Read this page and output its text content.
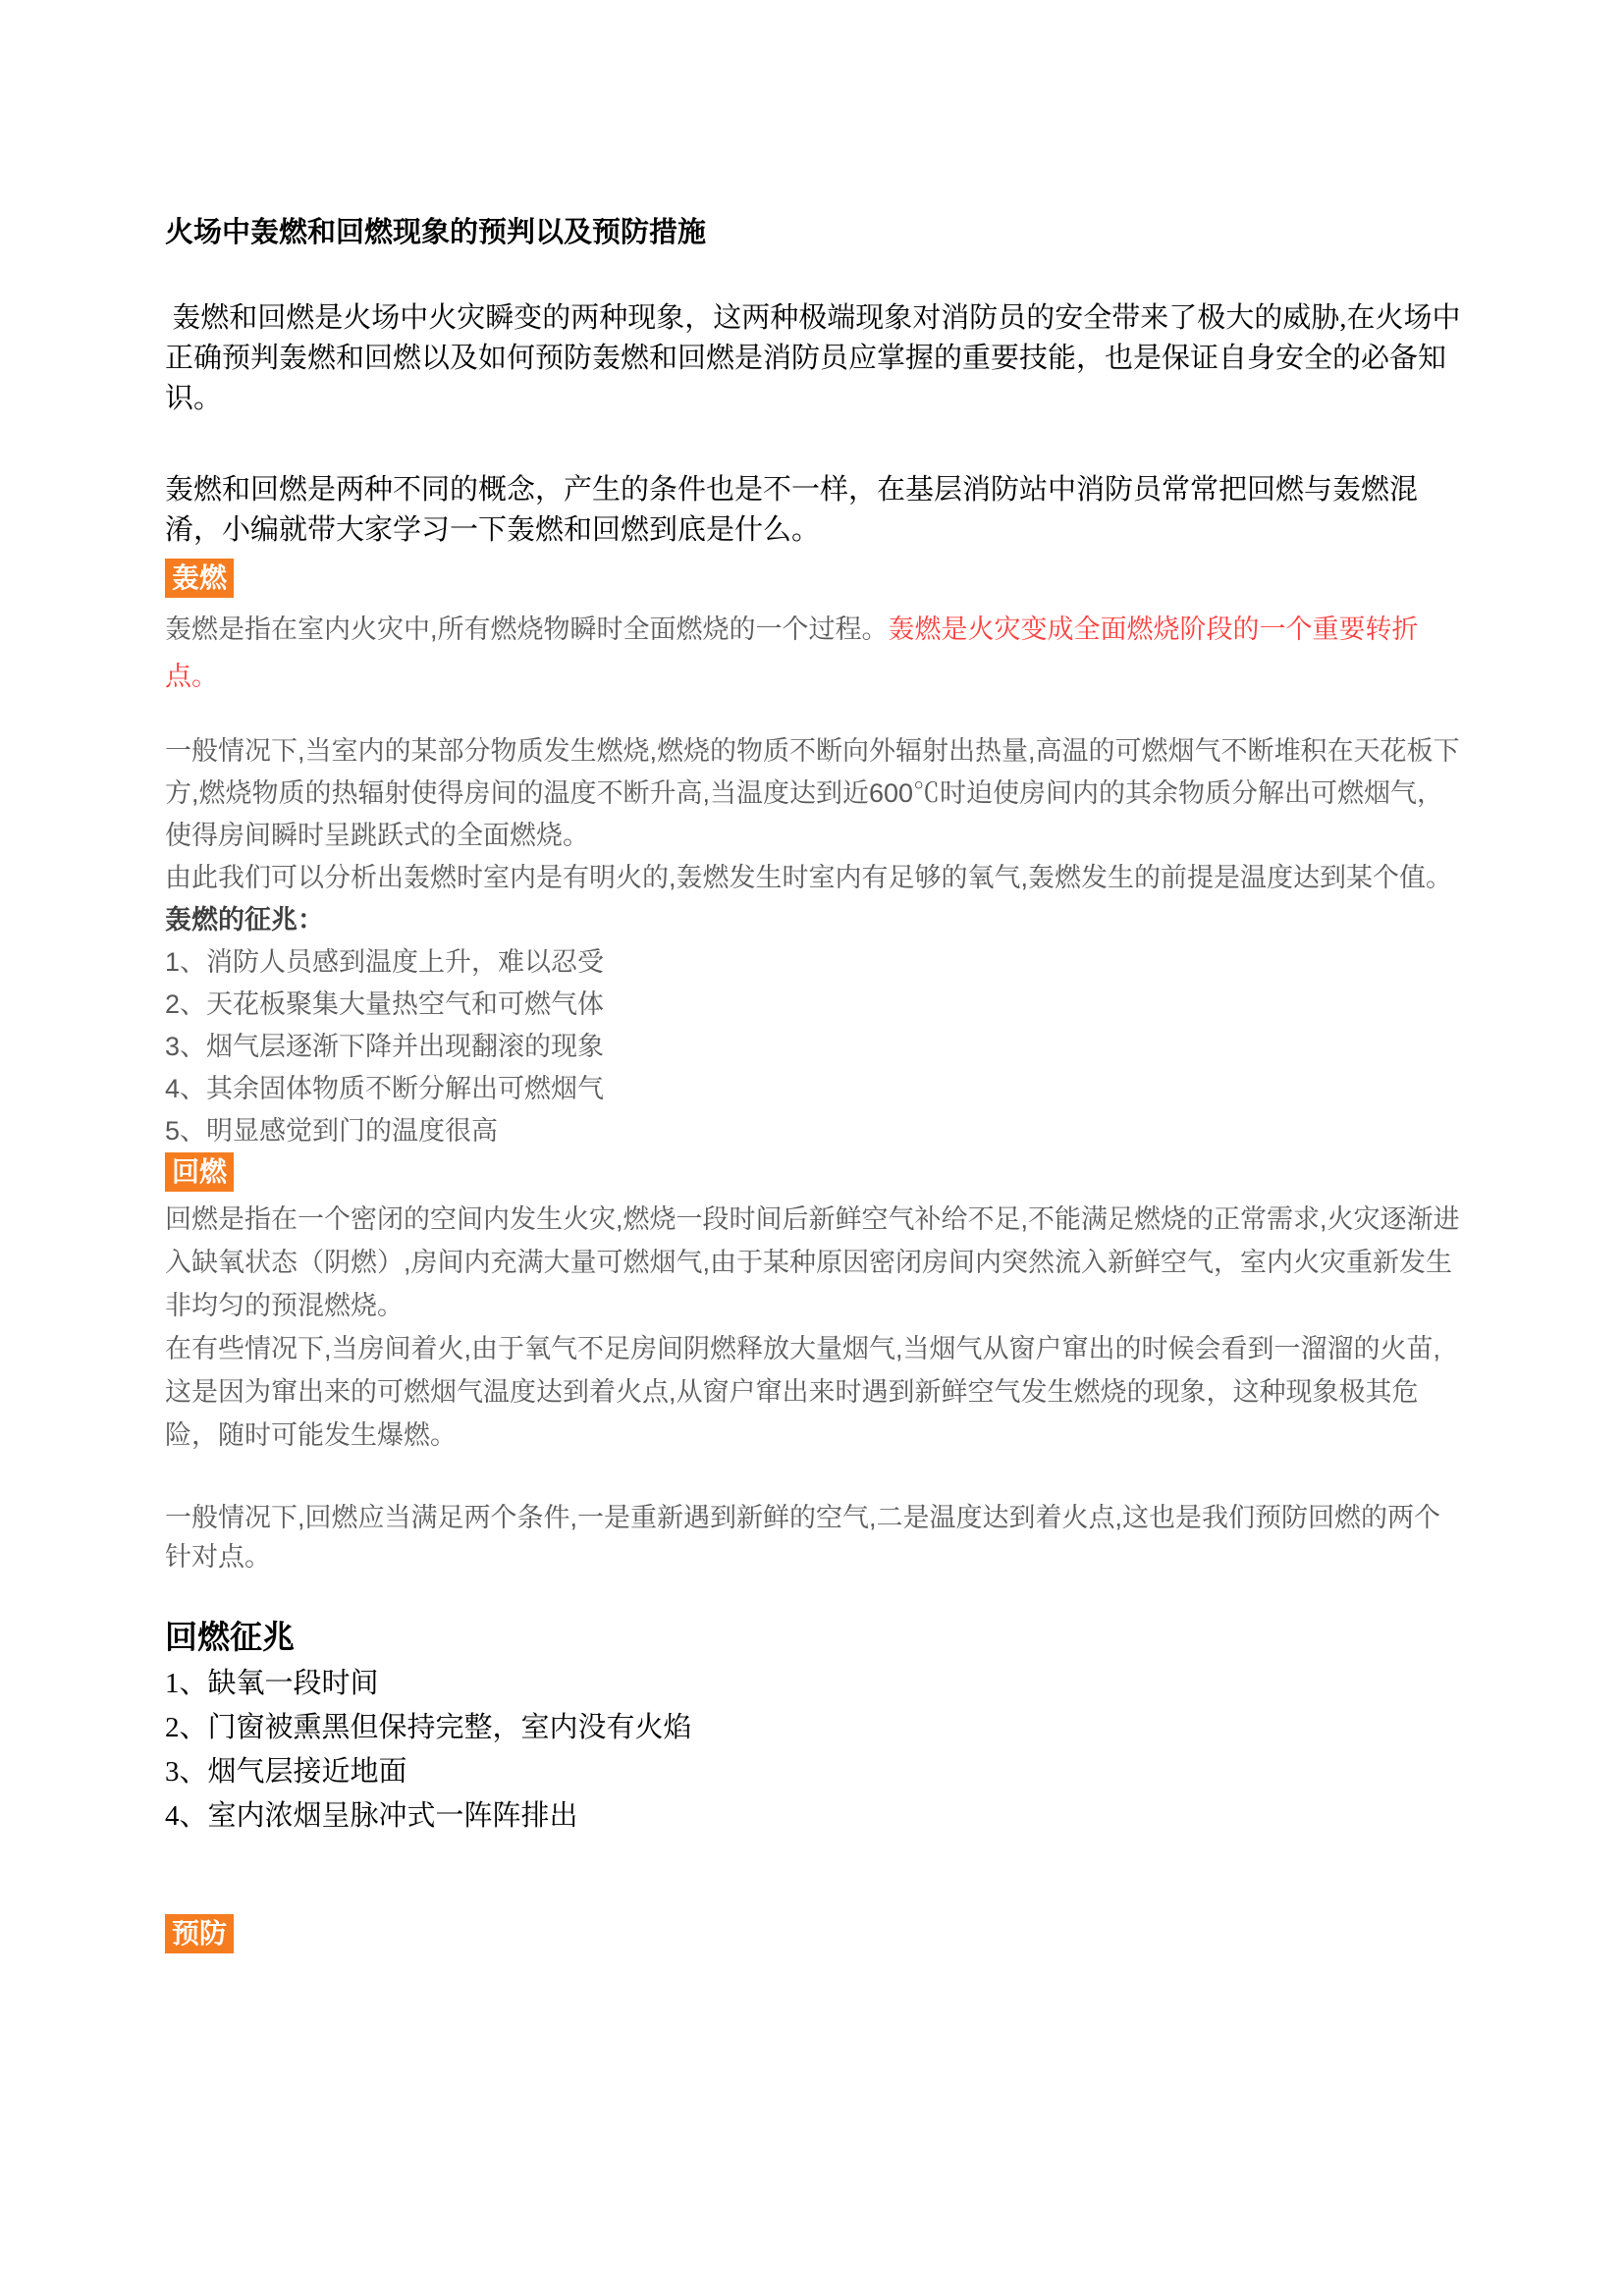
火场中轰燃和回燃现象的预判以及预防措施
轰燃和回燃是火场中火灾瞬变的两种现象，这两种极端现象对消防员的安全带来了极大的威胁,在火场中正确预判轰燃和回燃以及如何预防轰燃和回燃是消防员应掌握的重要技能，也是保证自身安全的必备知识。
轰燃和回燃是两种不同的概念，产生的条件也是不一样，在基层消防站中消防员常常把回燃与轰燃混淆，小编就带大家学习一下轰燃和回燃到底是什么。
轰燃
轰燃是指在室内火灾中,所有燃烧物瞬时全面燃烧的一个过程。轰燃是火灾变成全面燃烧阶段的一个重要转折点。
一般情况下,当室内的某部分物质发生燃烧,燃烧的物质不断向外辐射出热量,高温的可燃烟气不断堆积在天花板下方,燃烧物质的热辐射使得房间的温度不断升高,当温度达到近600℃时迫使房间内的其余物质分解出可燃烟气，使得房间瞬时呈跳跃式的全面燃烧。
由此我们可以分析出轰燃时室内是有明火的,轰燃发生时室内有足够的氧气,轰燃发生的前提是温度达到某个值。
轰燃的征兆：
1、消防人员感到温度上升，难以忍受
2、天花板聚集大量热空气和可燃气体
3、烟气层逐渐下降并出现翻滚的现象
4、其余固体物质不断分解出可燃烟气
5、明显感觉到门的温度很高
回燃
回燃是指在一个密闭的空间内发生火灾,燃烧一段时间后新鲜空气补给不足,不能满足燃烧的正常需求,火灾逐渐进入缺氧状态（阴燃）,房间内充满大量可燃烟气,由于某种原因密闭房间内突然流入新鲜空气，室内火灾重新发生非均匀的预混燃烧。
在有些情况下,当房间着火,由于氧气不足房间阴燃释放大量烟气,当烟气从窗户窜出的时候会看到一溜溜的火苗,这是因为窜出来的可燃烟气温度达到着火点,从窗户窜出来时遇到新鲜空气发生燃烧的现象，这种现象极其危险，随时可能发生爆燃。
一般情况下,回燃应当满足两个条件,一是重新遇到新鲜的空气,二是温度达到着火点,这也是我们预防回燃的两个针对点。
回燃征兆
1、缺氧一段时间
2、门窗被熏黑但保持完整，室内没有火焰
3、烟气层接近地面
4、室内浓烟呈脉冲式一阵阵排出
预防
